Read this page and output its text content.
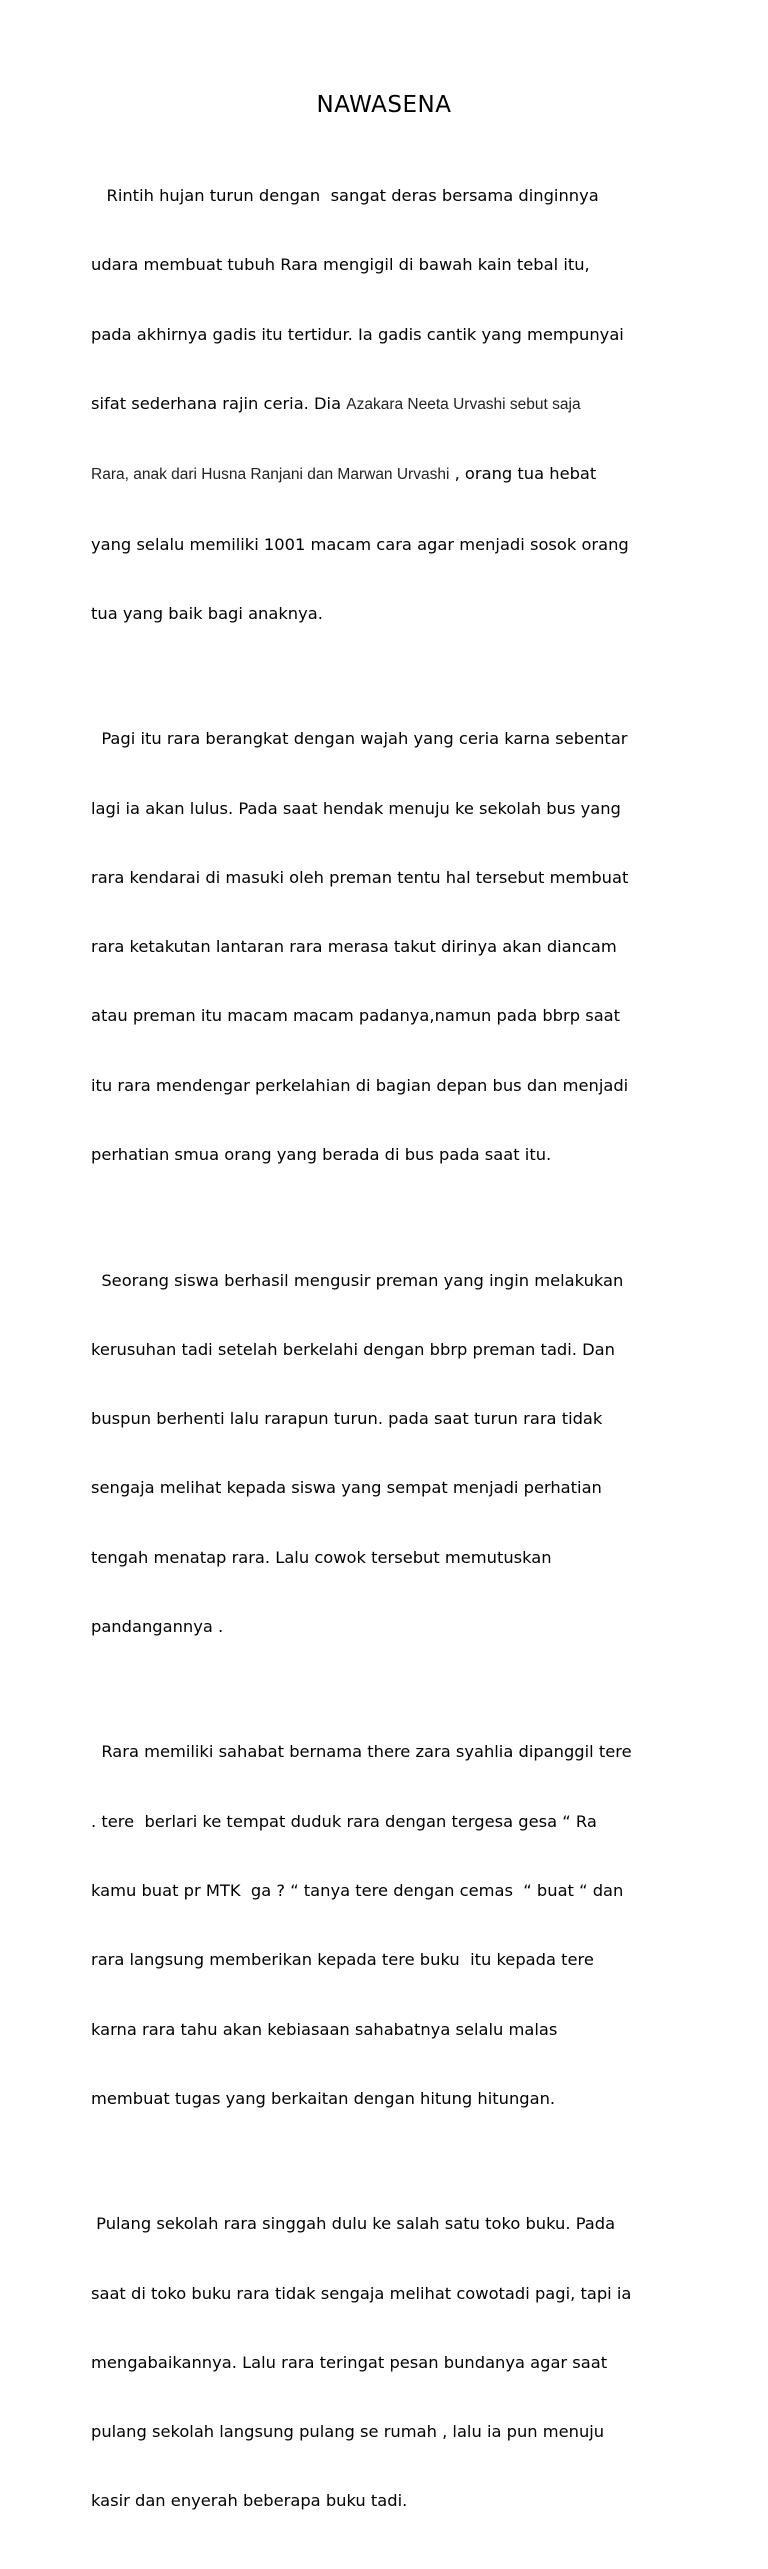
NAWASENA

Rintih hujan turun dengan  sangat deras bersama dinginnya

udara membuat tubuh Rara mengigil di bawah kain tebal itu,

pada akhirnya gadis itu tertidur. Ia gadis cantik yang mempunyai

sifat sederhana rajin ceria. Dia Azakara Neeta Urvashi sebut saja

Rara, anak dari Husna Ranjani dan Marwan Urvashi , orang tua hebat

yang selalu memiliki 1001 macam cara agar menjadi sosok orang

tua yang baik bagi anaknya.

Pagi itu rara berangkat dengan wajah yang ceria karna sebentar

lagi ia akan lulus. Pada saat hendak menuju ke sekolah bus yang

rara kendarai di masuki oleh preman tentu hal tersebut membuat

rara ketakutan lantaran rara merasa takut dirinya akan diancam

atau preman itu macam macam padanya,namun pada bbrp saat

itu rara mendengar perkelahian di bagian depan bus dan menjadi

perhatian smua orang yang berada di bus pada saat itu.

Seorang siswa berhasil mengusir preman yang ingin melakukan

kerusuhan tadi setelah berkelahi dengan bbrp preman tadi. Dan

buspun berhenti lalu rarapun turun. pada saat turun rara tidak

sengaja melihat kepada siswa yang sempat menjadi perhatian

tengah menatap rara. Lalu cowok tersebut memutuskan

pandangannya .

Rara memiliki sahabat bernama there zara syahlia dipanggil tere

. tere  berlari ke tempat duduk rara dengan tergesa gesa “ Ra

kamu buat pr MTK  ga ? “ tanya tere dengan cemas  “ buat “ dan

rara langsung memberikan kepada tere buku  itu kepada tere

karna rara tahu akan kebiasaan sahabatnya selalu malas

membuat tugas yang berkaitan dengan hitung hitungan.

Pulang sekolah rara singgah dulu ke salah satu toko buku. Pada

saat di toko buku rara tidak sengaja melihat cowotadi pagi, tapi ia

mengabaikannya. Lalu rara teringat pesan bundanya agar saat

pulang sekolah langsung pulang se rumah , lalu ia pun menuju

kasir dan enyerah beberapa buku tadi.
